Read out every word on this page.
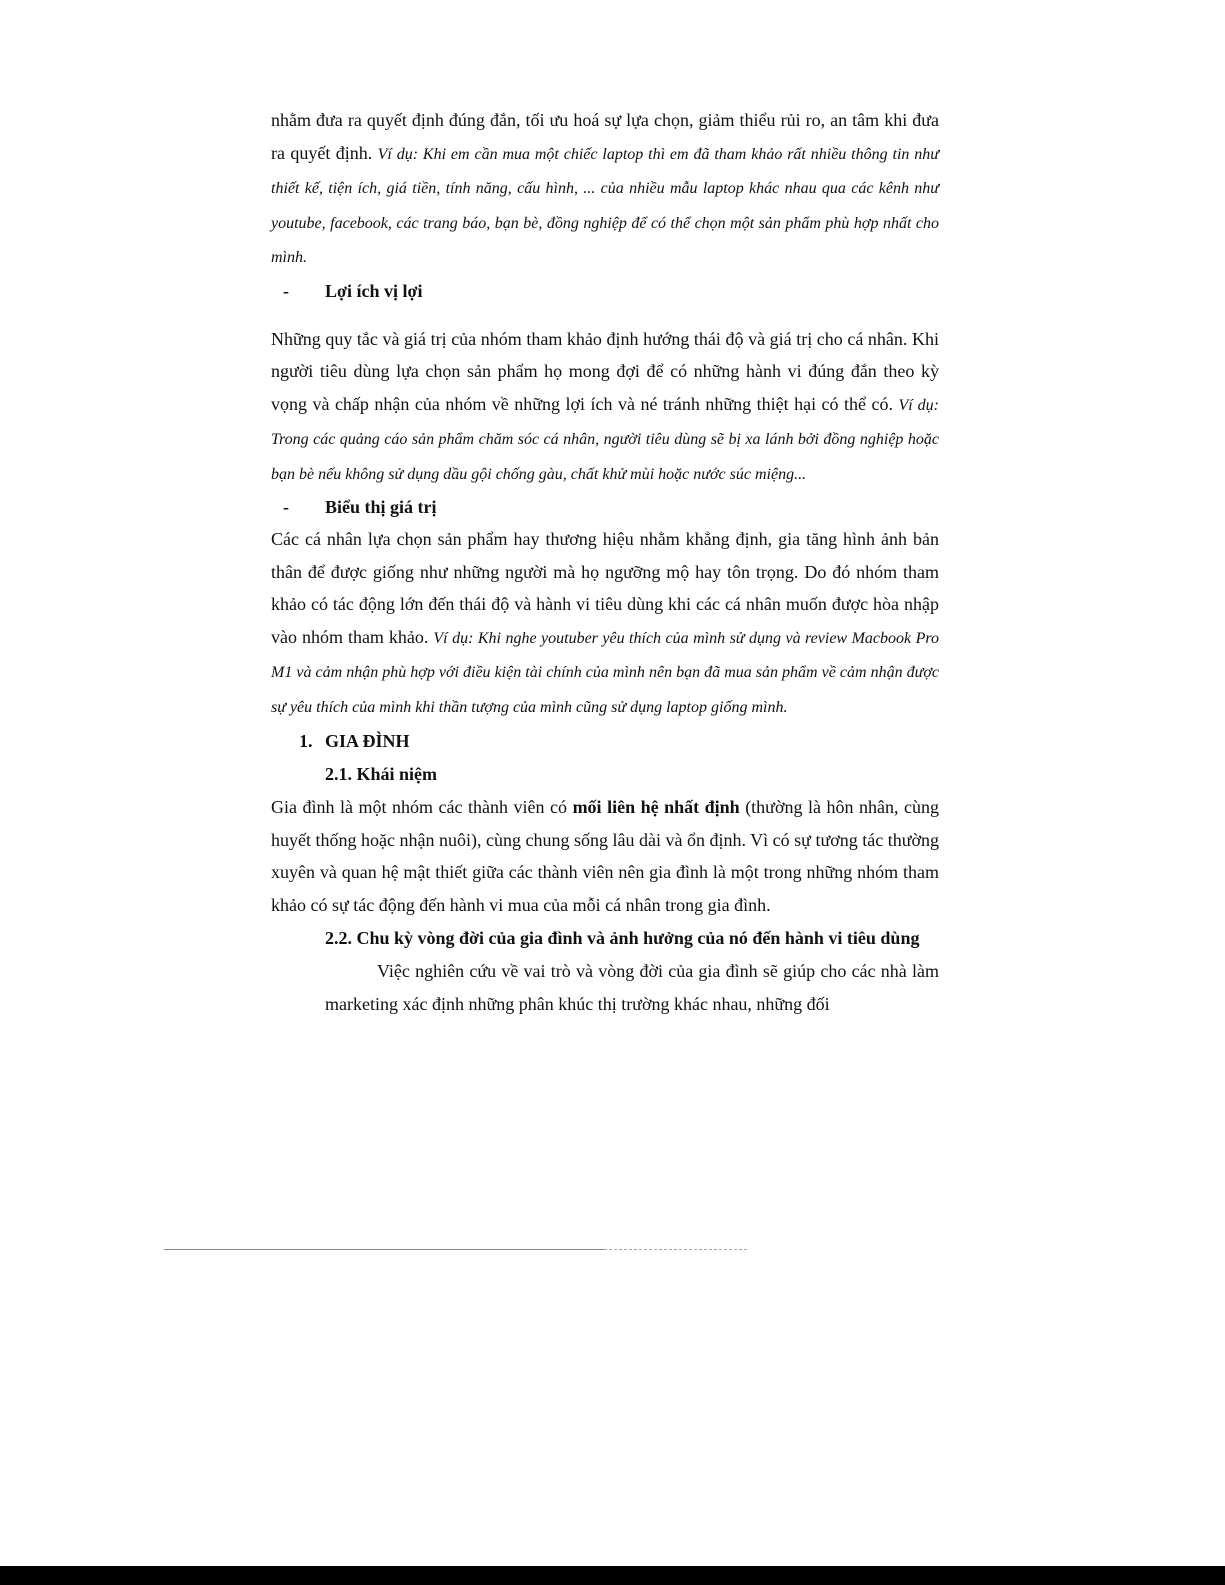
nhằm đưa ra quyết định đúng đắn, tối ưu hoá sự lựa chọn, giảm thiểu rủi ro, an tâm khi đưa ra quyết định. Ví dụ: Khi em cần mua một chiếc laptop thì em đã tham khảo rất nhiều thông tin như thiết kế, tiện ích, giá tiền, tính năng, cấu hình, ... của nhiều mẫu laptop khác nhau qua các kênh như youtube, facebook, các trang báo, bạn bè, đồng nghiệp để có thể chọn một sản phẩm phù hợp nhất cho mình.

- Lợi ích vị lợi

Những quy tắc và giá trị của nhóm tham khảo định hướng thái độ và giá trị cho cá nhân. Khi người tiêu dùng lựa chọn sản phẩm họ mong đợi để có những hành vi đúng đắn theo kỳ vọng và chấp nhận của nhóm về những lợi ích và né tránh những thiệt hại có thể có. Ví dụ: Trong các quảng cáo sản phẩm chăm sóc cá nhân, người tiêu dùng sẽ bị xa lánh bởi đồng nghiệp hoặc bạn bè nếu không sử dụng dầu gội chống gàu, chất khử mùi hoặc nước súc miệng...

- Biểu thị giá trị

Các cá nhân lựa chọn sản phẩm hay thương hiệu nhằm khẳng định, gia tăng hình ảnh bản thân để được giống như những người mà họ ngưỡng mộ hay tôn trọng. Do đó nhóm tham khảo có tác động lớn đến thái độ và hành vi tiêu dùng khi các cá nhân muốn được hòa nhập vào nhóm tham khảo. Ví dụ: Khi nghe youtuber yêu thích của mình sử dụng và review Macbook Pro M1 và cảm nhận phù hợp với điều kiện tài chính của mình nên bạn đã mua sản phẩm về cảm nhận được sự yêu thích của mình khi thần tượng của mình cũng sử dụng laptop giống mình.

1. GIA ĐÌNH

2.1. Khái niệm

Gia đình là một nhóm các thành viên có mối liên hệ nhất định (thường là hôn nhân, cùng huyết thống hoặc nhận nuôi), cùng chung sống lâu dài và ổn định. Vì có sự tương tác thường xuyên và quan hệ mật thiết giữa các thành viên nên gia đình là một trong những nhóm tham khảo có sự tác động đến hành vi mua của mỗi cá nhân trong gia đình.

2.2. Chu kỳ vòng đời của gia đình và ảnh hưởng của nó đến hành vi tiêu dùng

Việc nghiên cứu về vai trò và vòng đời của gia đình sẽ giúp cho các nhà làm marketing xác định những phân khúc thị trường khác nhau, những đối
